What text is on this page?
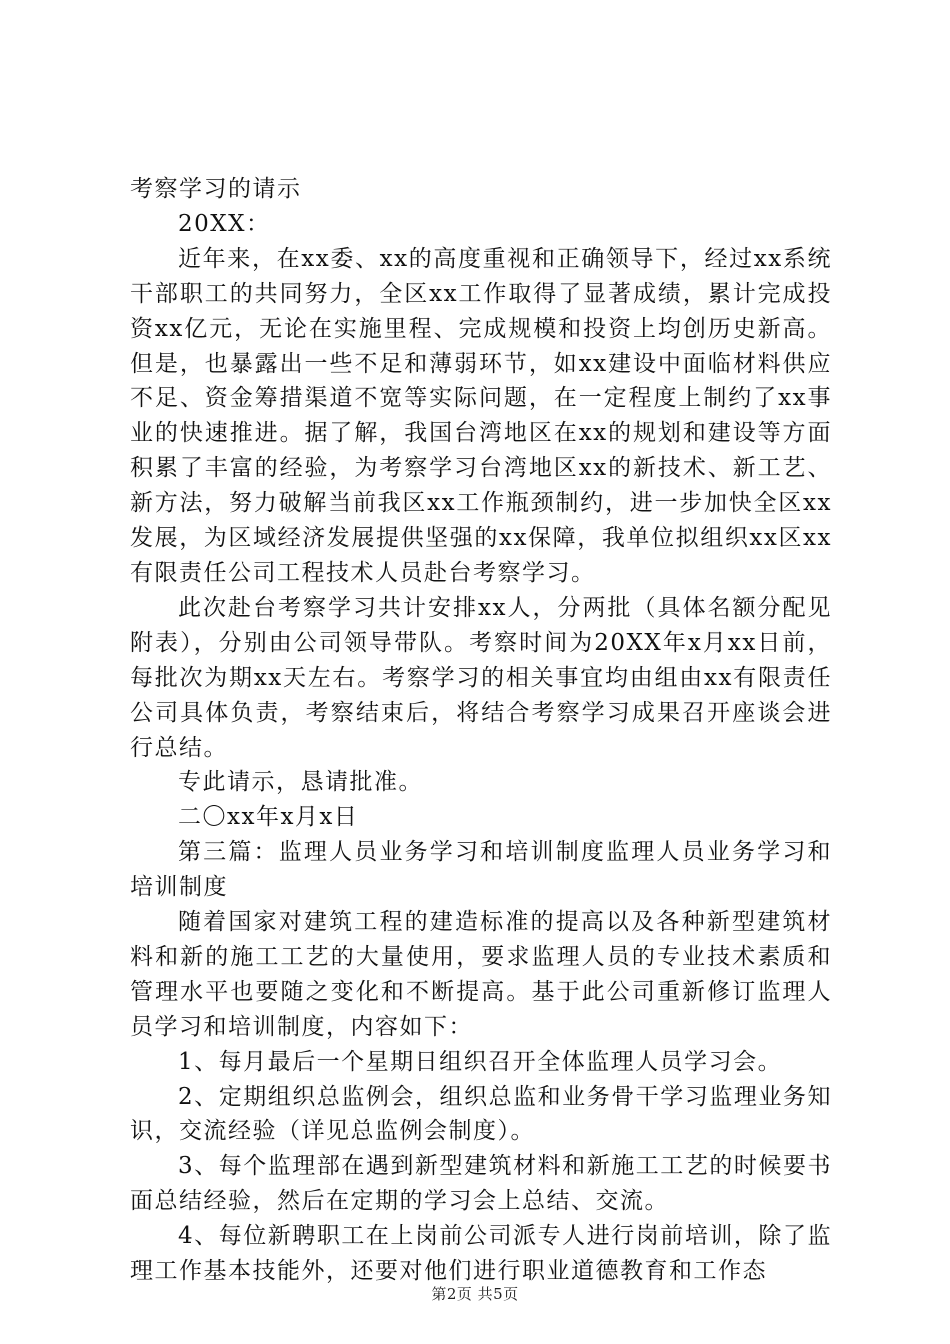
考察学习的请示

20XX：

近年来，在xx委、xx的高度重视和正确领导下，经过xx系统干部职工的共同努力，全区xx工作取得了显著成绩，累计完成投资xx亿元，无论在实施里程、完成规模和投资上均创历史新高。但是，也暴露出一些不足和薄弱环节，如xx建设中面临材料供应不足、资金筹措渠道不宽等实际问题，在一定程度上制约了xx事业的快速推进。据了解，我国台湾地区在xx的规划和建设等方面积累了丰富的经验，为考察学习台湾地区xx的新技术、新工艺、新方法，努力破解当前我区xx工作瓶颈制约，进一步加快全区xx发展，为区域经济发展提供坚强的xx保障，我单位拟组织xx区xx有限责任公司工程技术人员赴台考察学习。

此次赴台考察学习共计安排xx人，分两批（具体名额分配见附表），分别由公司领导带队。考察时间为20XX年x月xx日前，每批次为期xx天左右。考察学习的相关事宜均由组由xx有限责任公司具体负责，考察结束后，将结合考察学习成果召开座谈会进行总结。

专此请示，恳请批准。

二〇xx年x月x日

第三篇：监理人员业务学习和培训制度监理人员业务学习和培训制度

随着国家对建筑工程的建造标准的提高以及各种新型建筑材料和新的施工工艺的大量使用，要求监理人员的专业技术素质和管理水平也要随之变化和不断提高。基于此公司重新修订监理人员学习和培训制度，内容如下：

1、每月最后一个星期日组织召开全体监理人员学习会。

2、定期组织总监例会，组织总监和业务骨干学习监理业务知识，交流经验（详见总监例会制度）。

3、每个监理部在遇到新型建筑材料和新施工工艺的时候要书面总结经验，然后在定期的学习会上总结、交流。

4、每位新聘职工在上岗前公司派专人进行岗前培训，除了监理工作基本技能外，还要对他们进行职业道德教育和工作态

第2页 共5页
